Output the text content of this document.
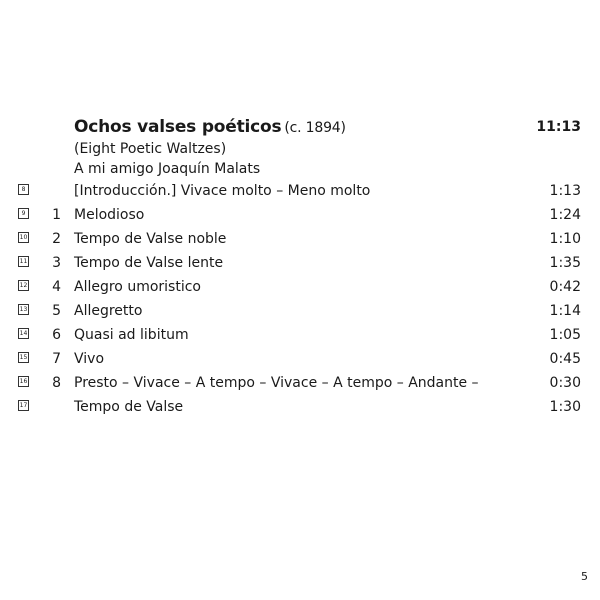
Ochos valses poéticos (c. 1894)	11:13
(Eight Poetic Waltzes)
A mi amigo Joaquín Malats
8	[Introducción.] Vivace molto – Meno molto	1:13
9	1 Melodioso	1:24
10	2 Tempo de Valse noble	1:10
11	3 Tempo de Valse lente	1:35
12	4 Allegro umoristico	0:42
13	5 Allegretto	1:14
14	6 Quasi ad libitum	1:05
15	7 Vivo	0:45
16	8 Presto – Vivace – A tempo – Vivace – A tempo – Andante –	0:30
17	Tempo de Valse	1:30
5
